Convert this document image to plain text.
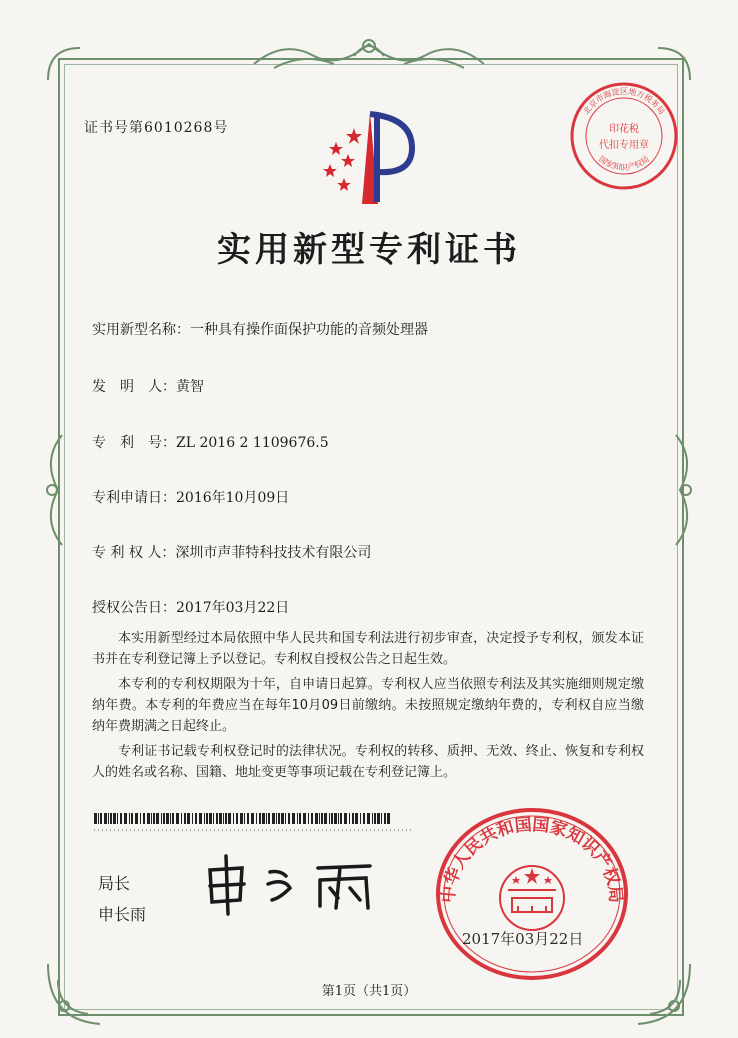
证书号第6010268号	印花税
代扣专用章
北京市海淀区地方税务局
国家知识产权局
实用新型专利证书
实用新型名称：一种具有操作面保护功能的音频处理器
发　明　人：黄智
专　利　号：ZL 2016 2 1109676.5
专利申请日：2016年10月09日
专 利 权 人：深圳市声菲特科技技术有限公司
授权公告日：2017年03月22日

本实用新型经过本局依照中华人民共和国专利法进行初步审查，决定授予专利权，颁发本证书并在专利登记簿上予以登记。专利权自授权公告之日起生效。

本专利的专利权期限为十年，自申请日起算。专利权人应当依照专利法及其实施细则规定缴纳年费。本专利的年费应当在每年10月09日前缴纳。未按照规定缴纳年费的，专利权自应当缴纳年费期满之日起终止。

专利证书记载专利权登记时的法律状况。专利权的转移、质押、无效、终止、恢复和专利权人的姓名或名称、国籍、地址变更等事项记载在专利登记簿上。

局长
申长雨
中华人民共和国国家知识产权局
2017年03月22日
第1页（共1页）
